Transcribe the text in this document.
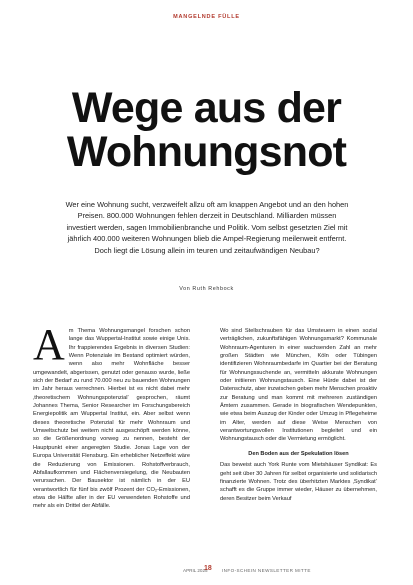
MANGELNDE FÜLLE
Wege aus der
Wohnungsnot
Wer eine Wohnung sucht, verzweifelt allzu oft am knappen Angebot und an den hohen Preisen. 800.000 Wohnungen fehlen derzeit in Deutschland. Milliarden müssen investiert werden, sagen Immobilienbranche und Politik. Vom selbst gesetzten Ziel mit jährlich 400.000 weiteren Wohnungen blieb die Ampel-Regierung meilenweit entfernt. Doch liegt die Lösung allein im teuren und zeitaufwändigen Neubau?
Von Ruth Rehbock

Am Thema Wohnungsmangel forschen schon lange das Wuppertal-Institut sowie einige Unis. Ihr frappierendes Ergebnis in diversen Studien: Wenn Potenziale im Bestand optimiert würden, wenn also mehr Wohnfläche besser umgewandelt, abgerissen, genutzt oder genauso wurde, ließe sich der Bedarf zu rund 70.000 neu zu bauenden Wohnungen im Jahr heraus verrechnen. Hierbei ist es nicht dabei mehr ‚theoretischem Wohnungspotenzial‘ gesprochen, räumt Johannes Thema, Senior Researcher im Forschungsbereich Energiepolitik am Wuppertal Institut, ein. Aber selbst wenn dieses theoretische Potenzial für mehr Wohnraum und Umweltschutz bei weitem nicht ausgeschöpft werden könne, so die Größenordnung vorweg zu nennen, besteht der Hauptpunkt einer angeregten Studie. Jonas Lage von der Europa Universität Flensburg. Ein erheblicher Netzeffekt wäre die Reduzierung von Emissionen. Rohstoffverbrauch, Abfallaufkommen und Flächenversiegelung, die Neubauten verursachen. Der Bausektor ist nämlich in der EU verantwortlich für fünf bis zwölf Prozent der CO₂-Emissionen, etwa die Hälfte aller in der EU verwendeten Rohstoffe und mehr als ein Drittel der Abfälle.

Wo sind Stellschrauben für das Umsteuern in einen sozial verträglichen, zukunftsfähigen Wohnungsmarkt? Kommunale Wohnraum-Agenturen in einer wachsenden Zahl an mehr großen Städten wie München, Köln oder Tübingen identifizieren Wohnraumbedarfe im Quartier bei der Beratung für Wohnungssuchende an, vermitteln akkurate Wohnungen oder initiieren Wohnungstausch. Eine Hürde dabei ist der Datenschutz, aber inzwischen geben mehr Menschen proaktiv zur Beratung und man kommt mit mehreren zuständigen Ämtern zusammen. Gerade in biografischen Wendepunkten, wie etwa beim Auszug der Kinder oder Umzug in Pflegeheime im Alter, werden auf diese Weise Menschen von verantwortungsvollen Institutionen begleitet und ein Wohnungstausch oder die Vermietung ermöglicht.

Den Boden aus der Spekulation lösen

Das beweist auch York Runte vom Mietshäuser Syndikat: Es geht seit über 30 Jahren für selbst organisierte und solidarisch finanzierte Wohnen. Trotz des überhitzten Marktes ‚Syndikat‘ schafft es die Gruppe immer wieder, Häuser zu übernehmen, deren Besitzer beim Verkauf

APRIL 2025
18 INFO-SCHEIN NEWSLETTER MITTE
